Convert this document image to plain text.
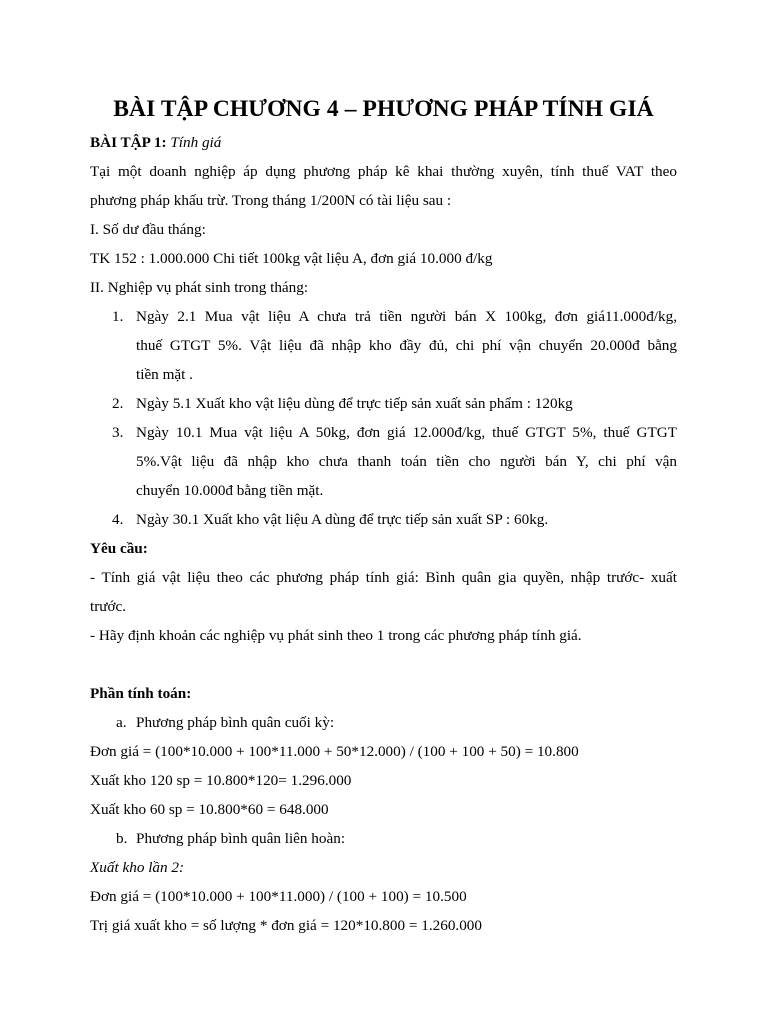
BÀI TẬP CHƯƠNG 4 – PHƯƠNG PHÁP TÍNH GIÁ

BÀI TẬP 1: Tính giá

Tại một doanh nghiệp áp dụng phương pháp kê khai thường xuyên, tính thuế VAT theo

phương pháp khấu trừ. Trong tháng 1/200N có tài liệu sau :

I. Số dư đầu tháng:

TK 152 : 1.000.000 Chi tiết 100kg vật liệu A, đơn giá 10.000 đ/kg

II. Nghiệp vụ phát sinh trong tháng:

1. Ngày 2.1 Mua vật liệu A chưa trả tiền người bán X 100kg, đơn giá11.000đ/kg,
thuế GTGT 5%. Vật liệu đã nhập kho đầy đủ, chi phí vận chuyển 20.000đ bằng
tiền mặt .
2. Ngày 5.1 Xuất kho vật liệu dùng để trực tiếp sản xuất sản phẩm : 120kg
3. Ngày 10.1 Mua vật liệu A 50kg, đơn giá 12.000đ/kg, thuế GTGT 5%, thuế GTGT
5%.Vật liệu đã nhập kho chưa thanh toán tiền cho người bán Y, chi phí vận
chuyển 10.000đ bằng tiền mặt.
4. Ngày 30.1 Xuất kho vật liệu A dùng để trực tiếp sản xuất SP : 60kg.

Yêu cầu:

- Tính giá vật liệu theo các phương pháp tính giá: Bình quân gia quyền, nhập trước- xuất

trước.

- Hãy định khoản các nghiệp vụ phát sinh theo 1 trong các phương pháp tính giá.

Phần tính toán:

a. Phương pháp bình quân cuối kỳ:

Đơn giá = (100*10.000 + 100*11.000 + 50*12.000) / (100 + 100 + 50) = 10.800

Xuất kho 120 sp = 10.800*120= 1.296.000

Xuất kho 60 sp = 10.800*60 = 648.000

b. Phương pháp bình quân liên hoàn:

Xuất kho lần 2:

Đơn giá = (100*10.000 + 100*11.000) / (100 + 100) = 10.500

Trị giá xuất kho = số lượng * đơn giá = 120*10.800 = 1.260.000
